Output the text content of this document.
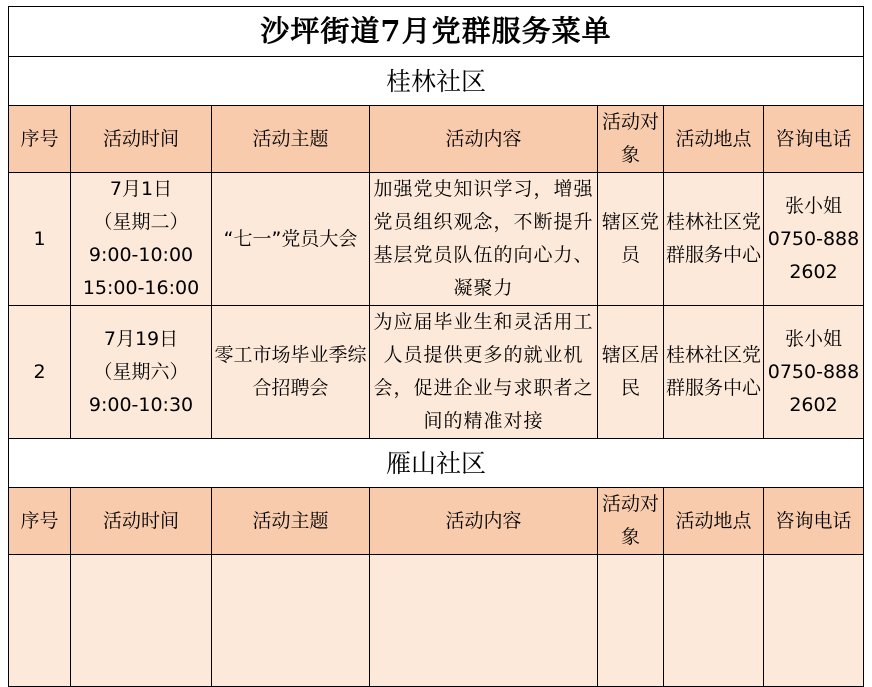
沙坪街道7月党群服务菜单						
桂林社区						
序号	活动时间	活动主题	活动内容	活动对象	活动地点	咨询电话
1	7月1日
（星期二）
9:00-10:00
15:00-16:00	“七一”党员大会	加强党史知识学习，增强党员组织观念，不断提升基层党员队伍的向心力、凝聚力	辖区党员	桂林社区党群服务中心	张小姐
0750-888
2602

2	7月19日
（星期六）
9:00-10:30	零工市场毕业季综合招聘会	为应届毕业生和灵活用工人员提供更多的就业机会，促进企业与求职者之间的精准对接	辖区居民	桂林社区党群服务中心	张小姐
0750-888
2602

雁山社区						
序号	活动时间	活动主题	活动内容	活动对象	活动地点	咨询电话
